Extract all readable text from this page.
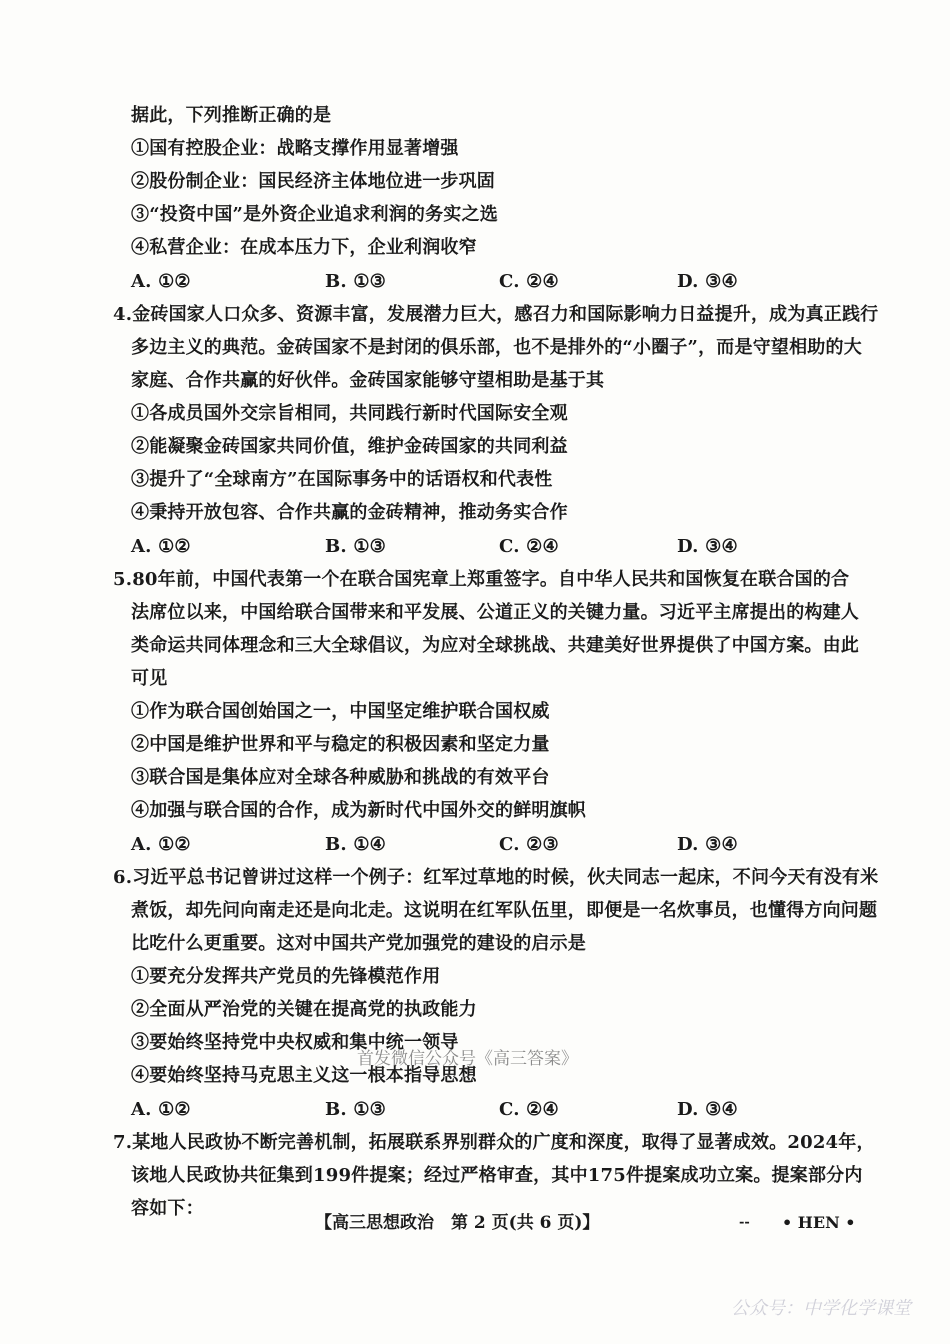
据此，下列推断正确的是
①国有控股企业：战略支撑作用显著增强
②股份制企业：国民经济主体地位进一步巩固
③“投资中国”是外资企业追求利润的务实之选
④私营企业：在成本压力下，企业利润收窄
A. ①②	B. ①③	C. ②④	D. ③④
4.金砖国家人口众多、资源丰富，发展潜力巨大，感召力和国际影响力日益提升，成为真正践行
多边主义的典范。金砖国家不是封闭的俱乐部，也不是排外的“小圈子”，而是守望相助的大
家庭、合作共赢的好伙伴。金砖国家能够守望相助是基于其
①各成员国外交宗旨相同，共同践行新时代国际安全观
②能凝聚金砖国家共同价值，维护金砖国家的共同利益
③提升了“全球南方”在国际事务中的话语权和代表性
④秉持开放包容、合作共赢的金砖精神，推动务实合作
A. ①②	B. ①③	C. ②④	D. ③④
5.80年前，中国代表第一个在联合国宪章上郑重签字。自中华人民共和国恢复在联合国的合
法席位以来，中国给联合国带来和平发展、公道正义的关键力量。习近平主席提出的构建人
类命运共同体理念和三大全球倡议，为应对全球挑战、共建美好世界提供了中国方案。由此
可见
①作为联合国创始国之一，中国坚定维护联合国权威
②中国是维护世界和平与稳定的积极因素和坚定力量
③联合国是集体应对全球各种威胁和挑战的有效平台
④加强与联合国的合作，成为新时代中国外交的鲜明旗帜
A. ①②	B. ①④	C. ②③	D. ③④
6.习近平总书记曾讲过这样一个例子：红军过草地的时候，伙夫同志一起床，不问今天有没有米
煮饭，却先问向南走还是向北走。这说明在红军队伍里，即便是一名炊事员，也懂得方向问题
比吃什么更重要。这对中国共产党加强党的建设的启示是
①要充分发挥共产党员的先锋模范作用
②全面从严治党的关键在提高党的执政能力
③要始终坚持党中央权威和集中统一领导
④要始终坚持马克思主义这一根本指导思想
A. ①②	B. ①③	C. ②④	D. ③④
7.某地人民政协不断完善机制，拓展联系界别群众的广度和深度，取得了显著成效。2024年，
该地人民政协共征集到199件提案；经过严格审查，其中175件提案成功立案。提案部分内
容如下：
首发微信公众号《高三答案》
【高三思想政治　第 2 页(共 6 页)】	-- • HEN •
公众号：中学化学课堂
